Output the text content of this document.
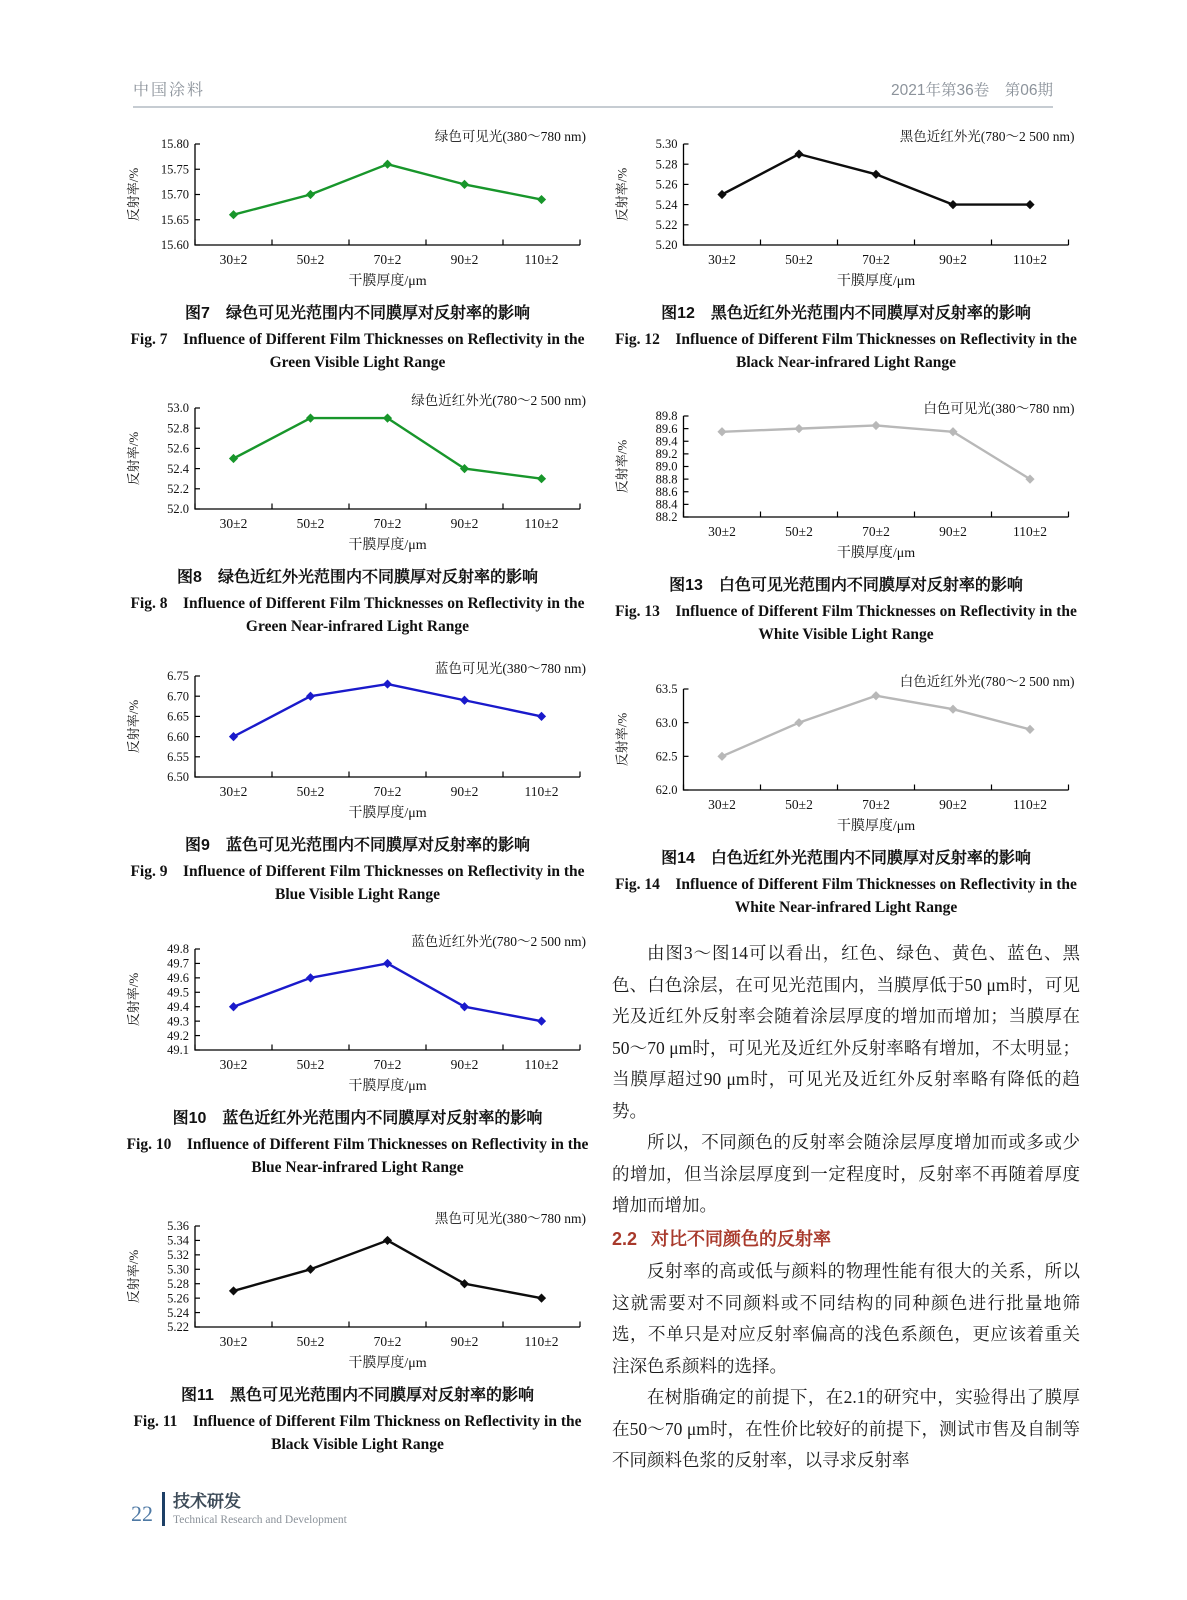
中国涂料	2021年第36卷　第06期
15.60
15.65
15.70
15.75
15.80
30±2	50±2	70±2	90±2	110±2
干膜厚度/μm
反射率/%
绿色可见光(380～780 nm)
图7　绿色可见光范围内不同膜厚对反射率的影响
Fig. 7　Influence of Different Film Thicknesses on Reflectivity in the Green Visible Light Range
52.0
52.2
52.4
52.6
52.8
53.0
30±2	50±2	70±2	90±2	110±2
干膜厚度/μm
反射率/%
绿色近红外光(780～2 500 nm)
图8　绿色近红外光范围内不同膜厚对反射率的影响
Fig. 8　Influence of Different Film Thicknesses on Reflectivity in the Green Near-infrared Light Range
6.50
6.55
6.60
6.65
6.70
6.75
30±2	50±2	70±2	90±2	110±2
干膜厚度/μm
反射率/%
蓝色可见光(380～780 nm)
图9　蓝色可见光范围内不同膜厚对反射率的影响
Fig. 9　Influence of Different Film Thicknesses on Reflectivity in the Blue Visible Light Range
49.1
49.2
49.3
49.4
49.5
49.6
49.7
49.8
30±2	50±2	70±2	90±2	110±2
干膜厚度/μm
反射率/%
蓝色近红外光(780～2 500 nm)
图10　蓝色近红外光范围内不同膜厚对反射率的影响
Fig. 10　Influence of Different Film Thicknesses on Reflectivity in the Blue Near-infrared Light Range
5.22
5.24
5.26
5.28
5.30
5.32
5.34
5.36
30±2	50±2	70±2	90±2	110±2
干膜厚度/μm
反射率/%
黑色可见光(380～780 nm)
图11　黑色可见光范围内不同膜厚对反射率的影响
Fig. 11　Influence of Different Film Thickness on Reflectivity in the Black Visible Light Range
5.20
5.22
5.24
5.26
5.28
5.30
30±2	50±2	70±2	90±2	110±2
干膜厚度/μm
反射率/%
黑色近红外光(780～2 500 nm)
图12　黑色近红外光范围内不同膜厚对反射率的影响
Fig. 12　Influence of Different Film Thicknesses on Reflectivity in the Black Near-infrared Light Range
88.2
88.4
88.6
88.8
89.0
89.2
89.4
89.6
89.8
30±2	50±2	70±2	90±2	110±2
干膜厚度/μm
反射率/%
白色可见光(380～780 nm)
图13　白色可见光范围内不同膜厚对反射率的影响
Fig. 13　Influence of Different Film Thicknesses on Reflectivity in the White Visible Light Range
62.0
62.5
63.0
63.5
30±2	50±2	70±2	90±2	110±2
干膜厚度/μm
反射率/%
白色近红外光(780～2 500 nm)
图14　白色近红外光范围内不同膜厚对反射率的影响
Fig. 14　Influence of Different Film Thicknesses on Reflectivity in the White Near-infrared Light Range

由图3～图14可以看出，红色、绿色、黄色、蓝色、黑色、白色涂层，在可见光范围内，当膜厚低于50 μm时，可见光及近红外反射率会随着涂层厚度的增加而增加；当膜厚在50～70 μm时，可见光及近红外反射率略有增加，不太明显；当膜厚超过90 μm时，可见光及近红外反射率略有降低的趋势。

所以，不同颜色的反射率会随涂层厚度增加而或多或少的增加，但当涂层厚度到一定程度时，反射率不再随着厚度增加而增加。

2.2 对比不同颜色的反射率

反射率的高或低与颜料的物理性能有很大的关系，所以这就需要对不同颜料或不同结构的同种颜色进行批量地筛选，不单只是对应反射率偏高的浅色系颜色，更应该着重关注深色系颜料的选择。

在树脂确定的前提下，在2.1的研究中，实验得出了膜厚在50～70 μm时，在性价比较好的前提下，测试市售及自制等不同颜料色浆的反射率，以寻求反射率

22	技术研发
Technical Research and Development
